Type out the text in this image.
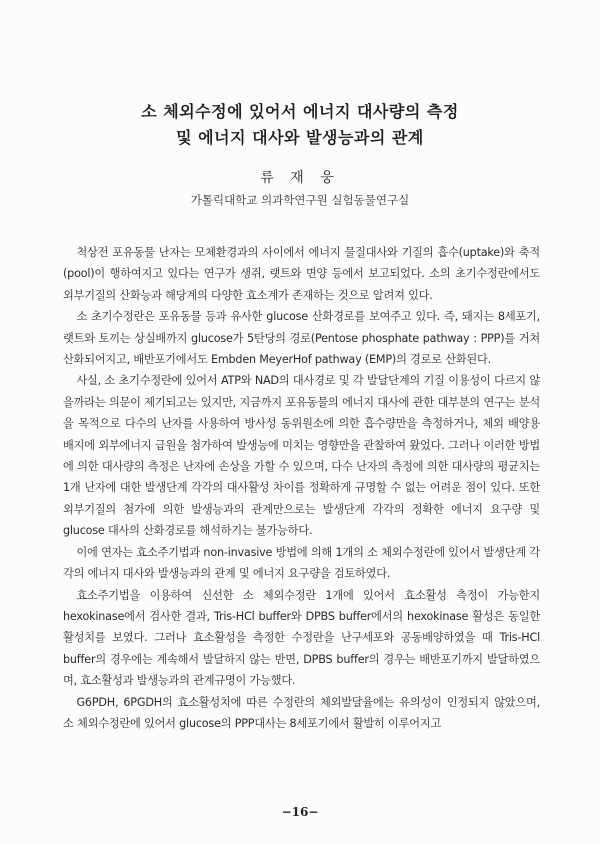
소 체외수정에 있어서 에너지 대사량의 측정
및 에너지 대사와 발생능과의 관계
류 재 웅
가톨릭대학교 의과학연구원 실험동물연구실

척상전 포유동물 난자는 모체환경과의 사이에서 에너지 물질대사와 기질의 흡수(uptake)와 축적(pool)이 행하여지고 있다는 연구가 생쥐, 랫트와 면양 등에서 보고되었다. 소의 초기수정란에서도 외부기질의 산화능과 해당계의 다양한 효소계가 존재하는 것으로 알려져 있다.

소 초기수정란은 포유동물 등과 유사한 glucose 산화경로를 보여주고 있다. 즉, 돼지는 8세포기, 랫트와 토끼는 상실배까지 glucose가 5탄당의 경로(Pentose phosphate pathway : PPP)를 거쳐 산화되어지고, 배반포기에서도 Embden MeyerHof pathway (EMP)의 경로로 산화된다.

사실, 소 초기수정란에 있어서 ATP와 NAD의 대사경로 및 각 발달단계의 기질 이용성이 다르지 않을까라는 의문이 제기되고는 있지만, 지금까지 포유동물의 에너지 대사에 관한 대부분의 연구는 분석을 목적으로 다수의 난자를 사용하여 방사성 동위원소에 의한 흡수량만을 측정하거나, 체외 배양용 배지에 외부에너지 급원을 첨가하여 발생능에 미치는 영향만을 관찰하여 왔었다. 그러나 이러한 방법에 의한 대사량의 측정은 난자에 손상을 가할 수 있으며, 다수 난자의 측정에 의한 대사량의 평균치는 1개 난자에 대한 발생단계 각각의 대사활성 차이를 정확하게 규명할 수 없는 어려운 점이 있다. 또한 외부기질의 첨가에 의한 발생능과의 관계만으로는 발생단계 각각의 정확한 에너지 요구량 및 glucose 대사의 산화경로를 해석하기는 불가능하다.

이에 연자는 효소주기법과 non-invasive 방법에 의해 1개의 소 체외수정란에 있어서 발생단계 각각의 에너지 대사와 발생능과의 관계 및 에너지 요구량을 검토하였다.

효소주기법을 이용하여 신선한 소 체외수정란 1개에 있어서 효소활성 측정이 가능한지 hexokinase에서 검사한 결과, Tris-HCl buffer와 DPBS buffer에서의 hexokinase 활성은 동일한 활성치를 보였다. 그러나 효소활성을 측정한 수정란을 난구세포와 공동배양하였을 때 Tris-HCl buffer의 경우에는 계속해서 발달하지 않는 반면, DPBS buffer의 경우는 배반포기까지 발달하였으며, 효소활성과 발생능과의 관계규명이 가능했다.

G6PDH, 6PGDH의 효소활성치에 따른 수정란의 체외발달율에는 유의성이 인정되지 않았으며, 소 체외수정란에 있어서 glucose의 PPP대사는 8세포기에서 활발히 이루어지고

−16−
